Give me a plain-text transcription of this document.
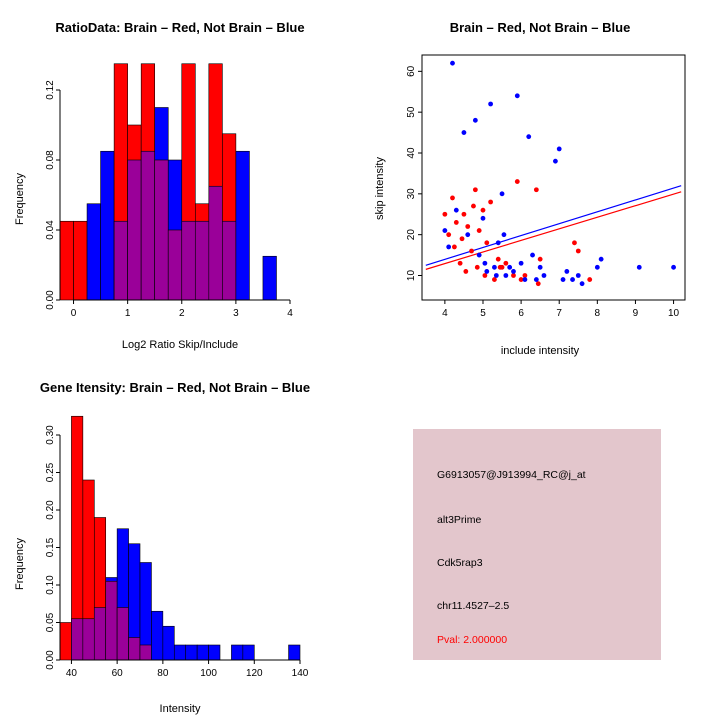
RatioData: Brain – Red, Not Brain – Blue
0	1	2	3	4
0.00
0.04
0.08
0.12
Log2 Ratio Skip/Include
Frequency
Brain – Red, Not Brain – Blue
4	5	6	7	8	9	10
10
20
30
40
50
60
include intensity
skip intensity
Gene Itensity: Brain – Red, Not Brain – Blue
40	60	80	100	120	140
0.00
0.05
0.10
0.15
0.20
0.25
0.30
Intensity
Frequency
G6913057@J913994_RC@j_at
alt3Prime
Cdk5rap3
chr11.4527–2.5
Pval: 2.000000
